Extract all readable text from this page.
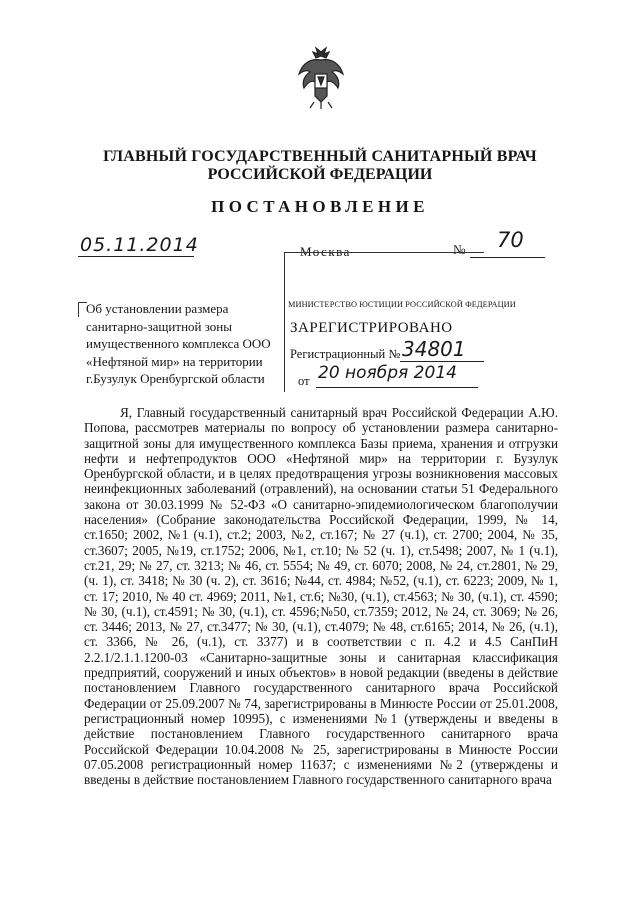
ГЛАВНЫЙ ГОСУДАРСТВЕННЫЙ САНИТАРНЫЙ ВРАЧ
РОССИЙСКОЙ ФЕДЕРАЦИИ
ПОСТАНОВЛЕНИЕ
05.11.2014	Москва	№ 70
МИНИСТЕРСТВО ЮСТИЦИИ РОССИЙСКОЙ ФЕДЕРАЦИИ
ЗАРЕГИСТРИРОВАНО
Регистрационный № 34801
от 20 ноября 2014
Об установлении размера
санитарно-защитной зоны
имущественного комплекса ООО
«Нефтяной мир» на территории
г.Бузулук Оренбургской области

Я, Главный государственный санитарный врач Российской Федерации А.Ю. Попова, рассмотрев материалы по вопросу об установлении размера санитарно-защитной зоны для имущественного комплекса Базы приема, хранения и отгрузки нефти и нефтепродуктов ООО «Нефтяной мир» на территории г. Бузулук Оренбургской области, и в целях предотвращения угрозы возникновения массовых неинфекционных заболеваний (отравлений), на основании статьи 51 Федерального закона от 30.03.1999 № 52-ФЗ «О санитарно-эпидемиологическом благополучии населения» (Собрание законодательства Российской Федерации, 1999, № 14, ст.1650; 2002, №1 (ч.1), ст.2; 2003, №2, ст.167; № 27 (ч.1), ст. 2700; 2004, № 35, ст.3607; 2005, №19, ст.1752; 2006, №1, ст.10; № 52 (ч. 1), ст.5498; 2007, № 1 (ч.1), ст.21, 29; № 27, ст. 3213; № 46, ст. 5554; № 49, ст. 6070; 2008, № 24, ст.2801, № 29, (ч. 1), ст. 3418; № 30 (ч. 2), ст. 3616; №44, ст. 4984; №52, (ч.1), ст. 6223; 2009, № 1, ст. 17; 2010, № 40 ст. 4969; 2011, №1, ст.6; №30, (ч.1), ст.4563; № 30, (ч.1), ст. 4590; № 30, (ч.1), ст.4591; № 30, (ч.1), ст. 4596;№50, ст.7359; 2012, № 24, ст. 3069; № 26, ст. 3446; 2013, № 27, ст.3477; № 30, (ч.1), ст.4079; № 48, ст.6165; 2014, № 26, (ч.1), ст. 3366, № 26, (ч.1), ст. 3377) и в соответствии с п. 4.2 и 4.5 СанПиН 2.2.1/2.1.1.1200-03 «Санитарно-защитные зоны и санитарная классификация предприятий, сооружений и иных объектов» в новой редакции (введены в действие постановлением Главного государственного санитарного врача Российской Федерации от 25.09.2007 № 74, зарегистрированы в Минюсте России от 25.01.2008, регистрационный номер 10995), с изменениями №1 (утверждены и введены в действие постановлением Главного государственного санитарного врача Российской Федерации 10.04.2008 № 25, зарегистрированы в Минюсте России 07.05.2008 регистрационный номер 11637; с изменениями №2 (утверждены и введены в действие постановлением Главного государственного санитарного врача
